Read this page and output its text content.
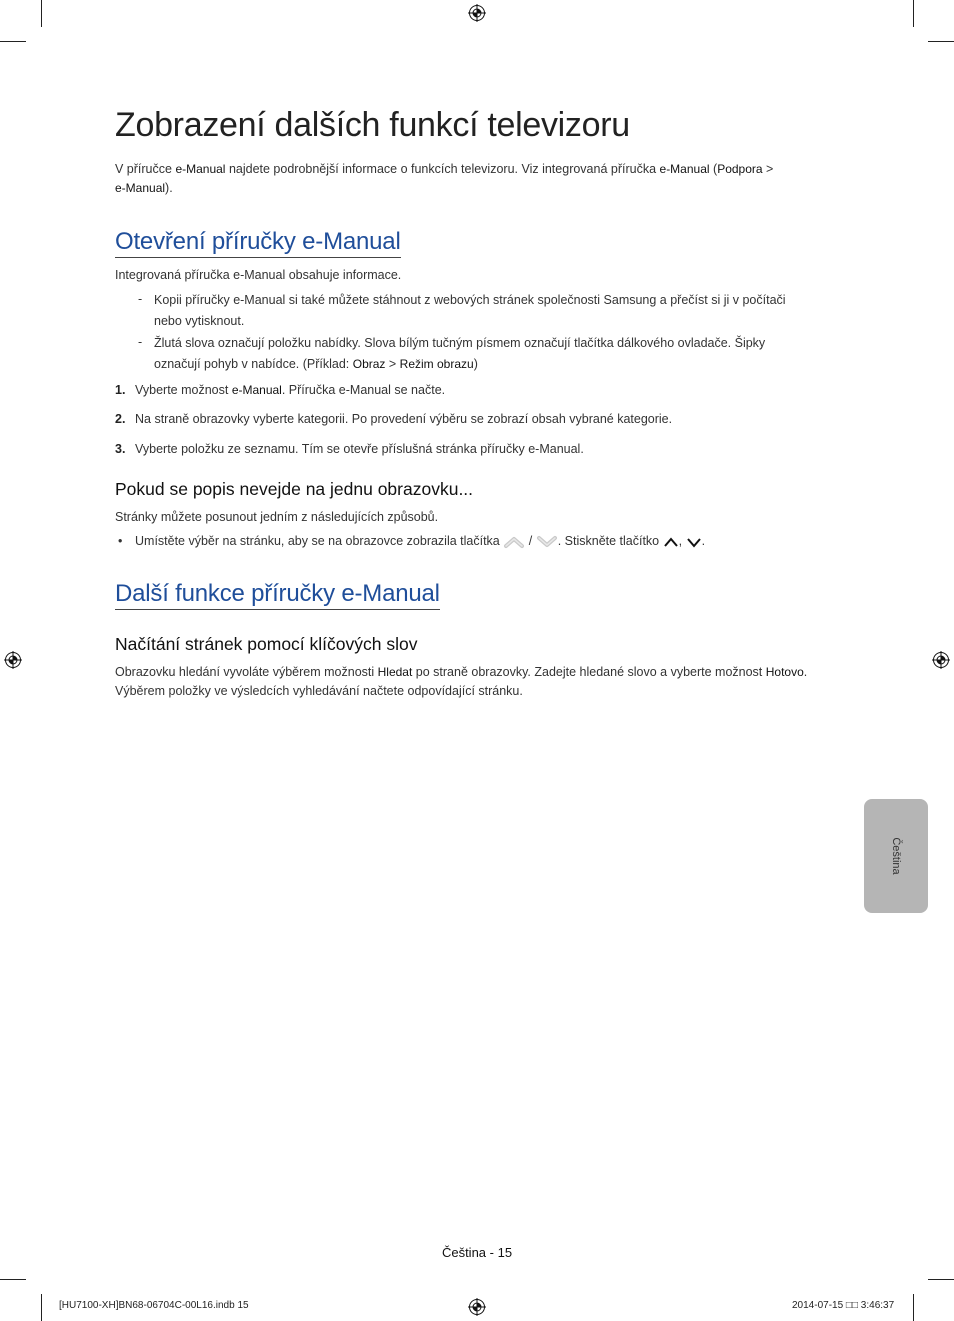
Zobrazení dalších funkcí televizoru
V příručce e-Manual najdete podrobnější informace o funkcích televizoru. Viz integrovaná příručka e-Manual (Podpora >
e-Manual).
Otevření příručky e-Manual
Integrovaná příručka e-Manual obsahuje informace.
- Kopii příručky e-Manual si také můžete stáhnout z webových stránek společnosti Samsung a přečíst si ji v počítači
nebo vytisknout.
- Žlutá slova označují položku nabídky. Slova bílým tučným písmem označují tlačítka dálkového ovladače. Šipky
označují pohyb v nabídce. (Příklad: Obraz > Režim obrazu)
1. Vyberte možnost e-Manual. Příručka e-Manual se načte.
2. Na straně obrazovky vyberte kategorii. Po provedení výběru se zobrazí obsah vybrané kategorie.
3. Vyberte položku ze seznamu. Tím se otevře příslušná stránka příručky e-Manual.
Pokud se popis nevejde na jednu obrazovku...
Stránky můžete posunout jedním z následujících způsobů.
• Umístěte výběr na stránku, aby se na obrazovce zobrazila tlačítka / . Stiskněte tlačítko , .
Další funkce příručky e-Manual
Načítání stránek pomocí klíčových slov
Obrazovku hledání vyvoláte výběrem možnosti Hledat po straně obrazovky. Zadejte hledané slovo a vyberte možnost Hotovo.
Výběrem položky ve výsledcích vyhledávání načtete odpovídající stránku.
Čeština
Čeština - 15
[HU7100-XH]BN68-06704C-00L16.indb 15	2014-07-15 □□ 3:46:37
